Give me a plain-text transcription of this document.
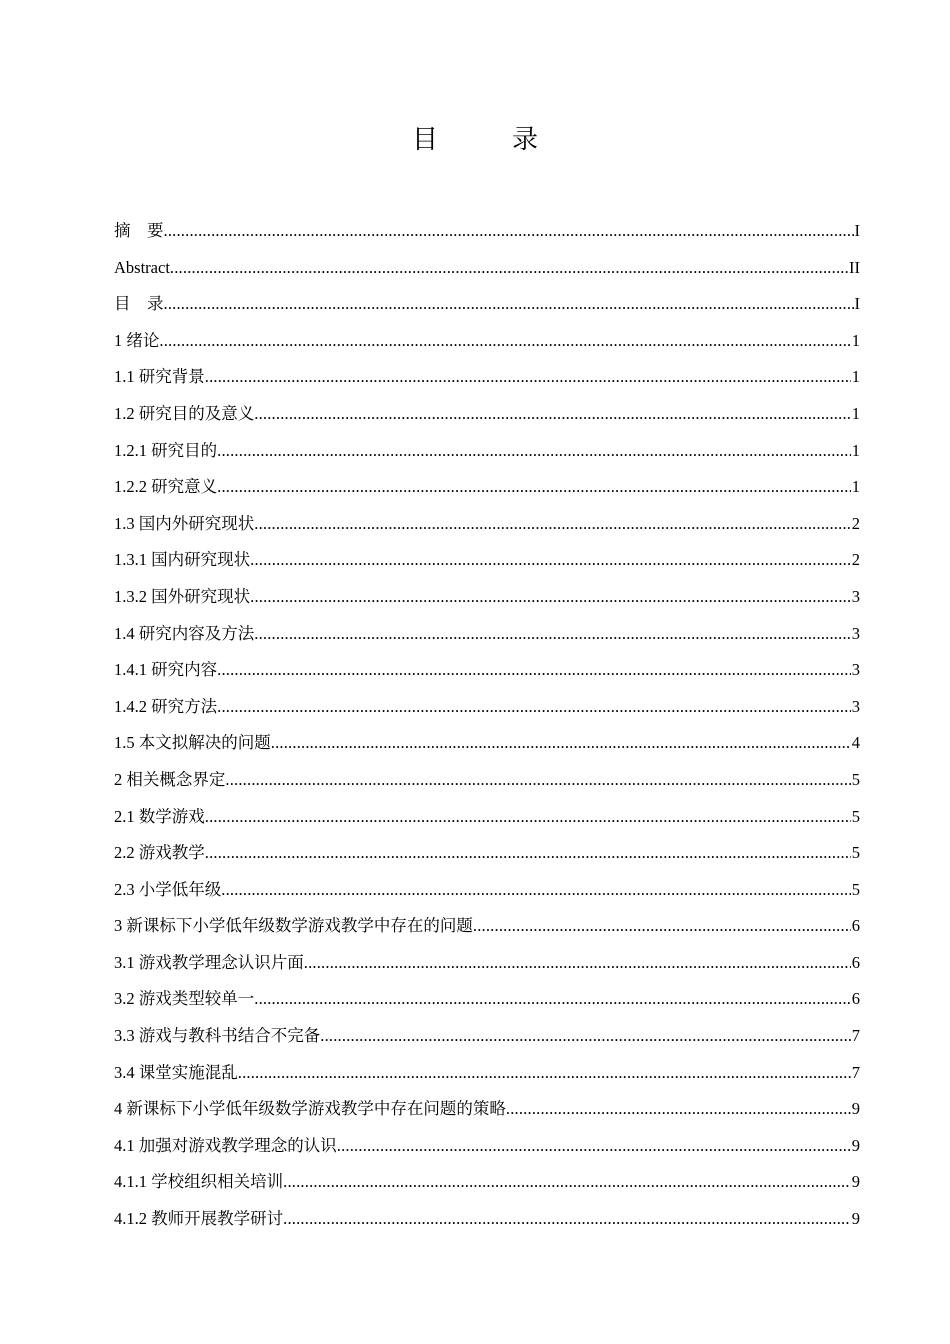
目　录
摘　要 .....	I
Abstract .....	II
目　录 .....	I
1 绪论 .....	1
1.1 研究背景 .....	1
1.2 研究目的及意义 .....	1
1.2.1 研究目的 .....	1
1.2.2 研究意义 .....	1
1.3 国内外研究现状 .....	2
1.3.1 国内研究现状 .....	2
1.3.2 国外研究现状 .....	3
1.4 研究内容及方法 .....	3
1.4.1 研究内容 .....	3
1.4.2 研究方法 .....	3
1.5 本文拟解决的问题 .....	4
2 相关概念界定 .....	5
2.1 数学游戏 .....	5
2.2 游戏教学 .....	5
2.3 小学低年级 .....	5
3 新课标下小学低年级数学游戏教学中存在的问题 .....	6
3.1 游戏教学理念认识片面 .....	6
3.2 游戏类型较单一 .....	6
3.3 游戏与教科书结合不完备 .....	7
3.4 课堂实施混乱 .....	7
4 新课标下小学低年级数学游戏教学中存在问题的策略 .....	9
4.1 加强对游戏教学理念的认识 .....	9
4.1.1 学校组织相关培训 .....	9
4.1.2 教师开展教学研讨 .....	9
